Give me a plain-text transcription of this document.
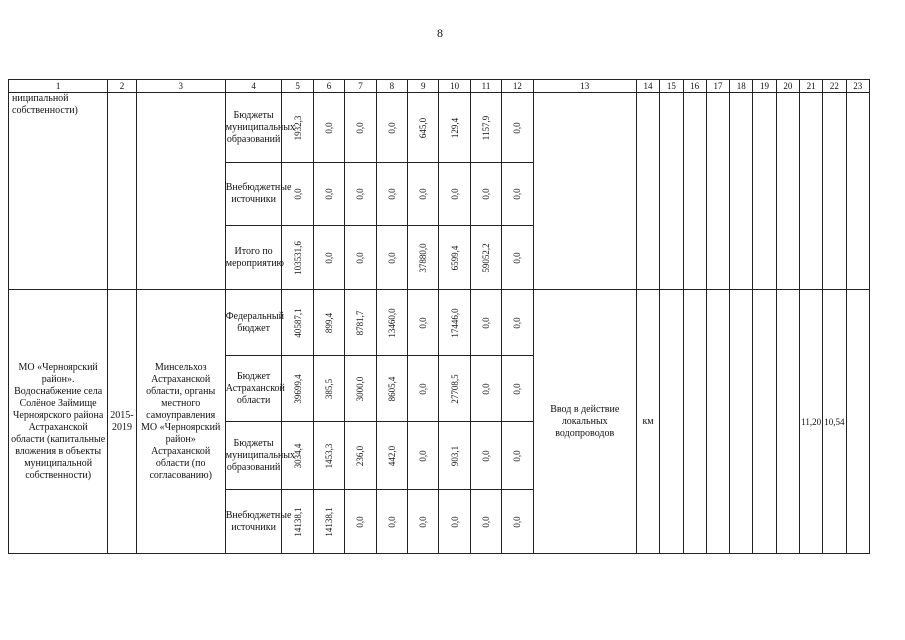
8
1	2	3	4	5	6	7	8	9	10	11	12	13	14	15	16	17	18	19	20	21	22	23
ниципальной собственности)			Бюджеты муниципальных образований	1932,3	0,0	0,0	0,0	645,0	129,4	1157,9	0,0											

			Внебюджетные источники	0,0	0,0	0,0	0,0	0,0	0,0	0,0	0,0											

			Итого по мероприятию	103531,6	0,0	0,0	0,0	37880,0	6599,4	59052,2	0,0											

МО «Черноярский район». Водоснабжение села Солёное Займище Черноярского района Астраханской области (капитальные вложения в объекты муниципальной собственности)	2015-2019	Минсельхоз Астраханской области, органы местного самоуправления МО «Черноярский район» Астраханской области (по согласованию)	Федеральный бюджет	40587,1	899,4	8781,7	13460,0	0,0	17446,0	0,0	0,0	Ввод в действие локальных водопроводов	км							11,20	10,54	
			Бюджет Астраханской области	39699,4	385,5	3000,0	8605,4	0,0	27708,5	0,0	0,0											

			Бюджеты муниципальных образований	3034,4	1453,3	236,0	442,0	0,0	903,1	0,0	0,0											

			Внебюджетные источники	14138,1	14138,1	0,0	0,0	0,0	0,0	0,0	0,0											
